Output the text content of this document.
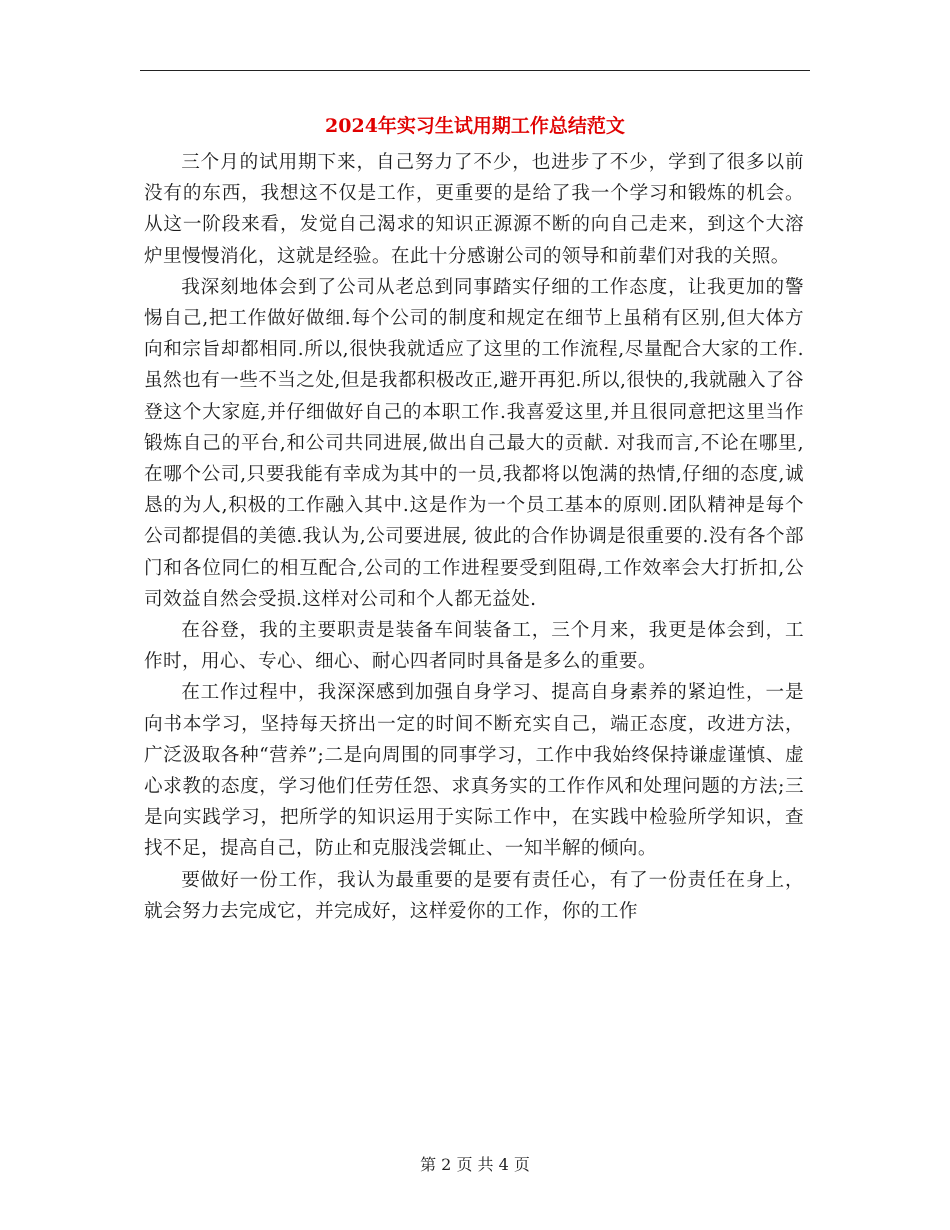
2024年实习生试用期工作总结范文

三个月的试用期下来，自己努力了不少，也进步了不少，学到了很多以前没有的东西，我想这不仅是工作，更重要的是给了我一个学习和锻炼的机会。从这一阶段来看，发觉自己渴求的知识正源源不断的向自己走来，到这个大溶炉里慢慢消化，这就是经验。在此十分感谢公司的领导和前辈们对我的关照。

我深刻地体会到了公司从老总到同事踏实仔细的工作态度，让我更加的警惕自己,把工作做好做细.每个公司的制度和规定在细节上虽稍有区别,但大体方向和宗旨却都相同.所以,很快我就适应了这里的工作流程,尽量配合大家的工作.虽然也有一些不当之处,但是我都积极改正,避开再犯.所以,很快的,我就融入了谷登这个大家庭,并仔细做好自己的本职工作.我喜爱这里,并且很同意把这里当作锻炼自己的平台,和公司共同进展,做出自己最大的贡献. 对我而言,不论在哪里,在哪个公司,只要我能有幸成为其中的一员,我都将以饱满的热情,仔细的态度,诚恳的为人,积极的工作融入其中.这是作为一个员工基本的原则.团队精神是每个公司都提倡的美德.我认为,公司要进展, 彼此的合作协调是很重要的.没有各个部门和各位同仁的相互配合,公司的工作进程要受到阻碍,工作效率会大打折扣,公司效益自然会受损.这样对公司和个人都无益处.

在谷登，我的主要职责是装备车间装备工，三个月来，我更是体会到，工作时，用心、专心、细心、耐心四者同时具备是多么的重要。

在工作过程中，我深深感到加强自身学习、提高自身素养的紧迫性，一是向书本学习，坚持每天挤出一定的时间不断充实自己，端正态度，改进方法，广泛汲取各种“营养”;二是向周围的同事学习，工作中我始终保持谦虚谨慎、虚心求教的态度，学习他们任劳任怨、求真务实的工作作风和处理问题的方法;三是向实践学习，把所学的知识运用于实际工作中，在实践中检验所学知识，查找不足，提高自己，防止和克服浅尝辄止、一知半解的倾向。

要做好一份工作，我认为最重要的是要有责任心，有了一份责任在身上，就会努力去完成它，并完成好，这样爱你的工作，你的工作

第 2 页 共 4 页
